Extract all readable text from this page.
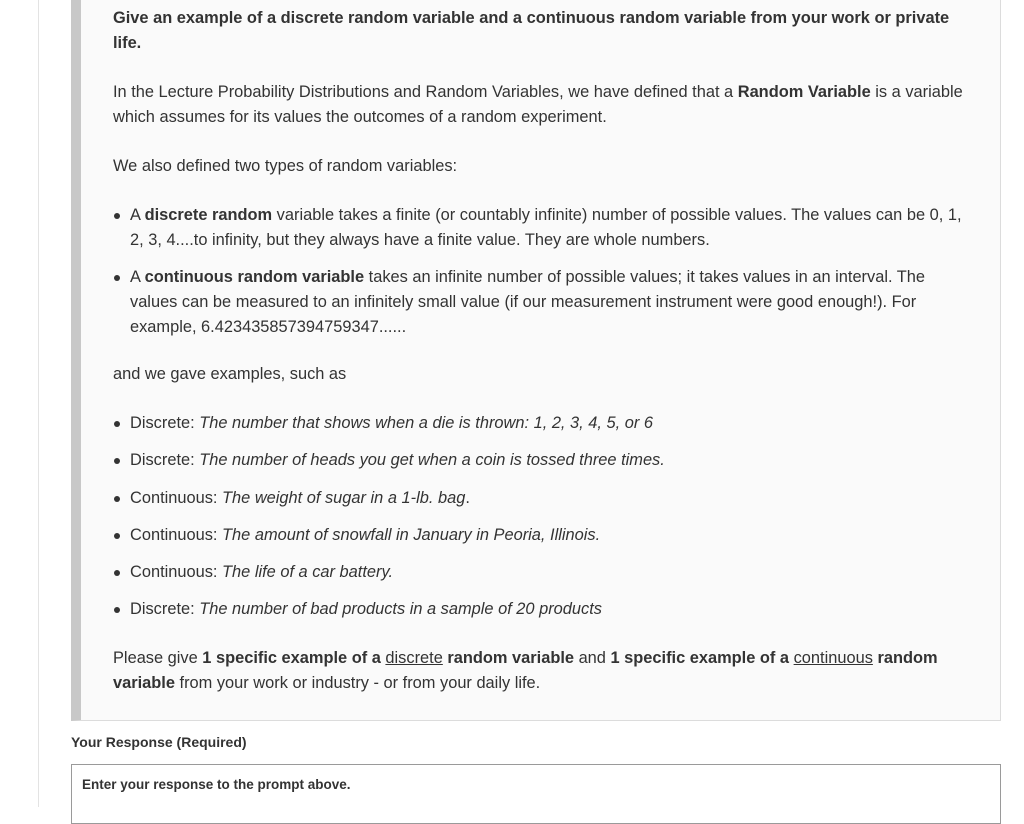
Give an example of a discrete random variable and a continuous random variable from your work or private life.

In the Lecture Probability Distributions and Random Variables, we have defined that a Random Variable is a variable which assumes for its values the outcomes of a random experiment.

We also defined two types of random variables:

A discrete random variable takes a finite (or countably infinite) number of possible values. The values can be 0, 1, 2, 3, 4....to infinity, but they always have a finite value. They are whole numbers.
A continuous random variable takes an infinite number of possible values; it takes values in an interval. The values can be measured to an infinitely small value (if our measurement instrument were good enough!). For example, 6.423435857394759347......

and we gave examples, such as

Discrete: The number that shows when a die is thrown: 1, 2, 3, 4, 5, or 6
Discrete: The number of heads you get when a coin is tossed three times.
Continuous: The weight of sugar in a 1-lb. bag.
Continuous: The amount of snowfall in January in Peoria, Illinois.
Continuous: The life of a car battery.
Discrete: The number of bad products in a sample of 20 products

Please give 1 specific example of a discrete random variable and 1 specific example of a continuous random variable from your work or industry - or from your daily life.

Your Response (Required)
Enter your response to the prompt above.
